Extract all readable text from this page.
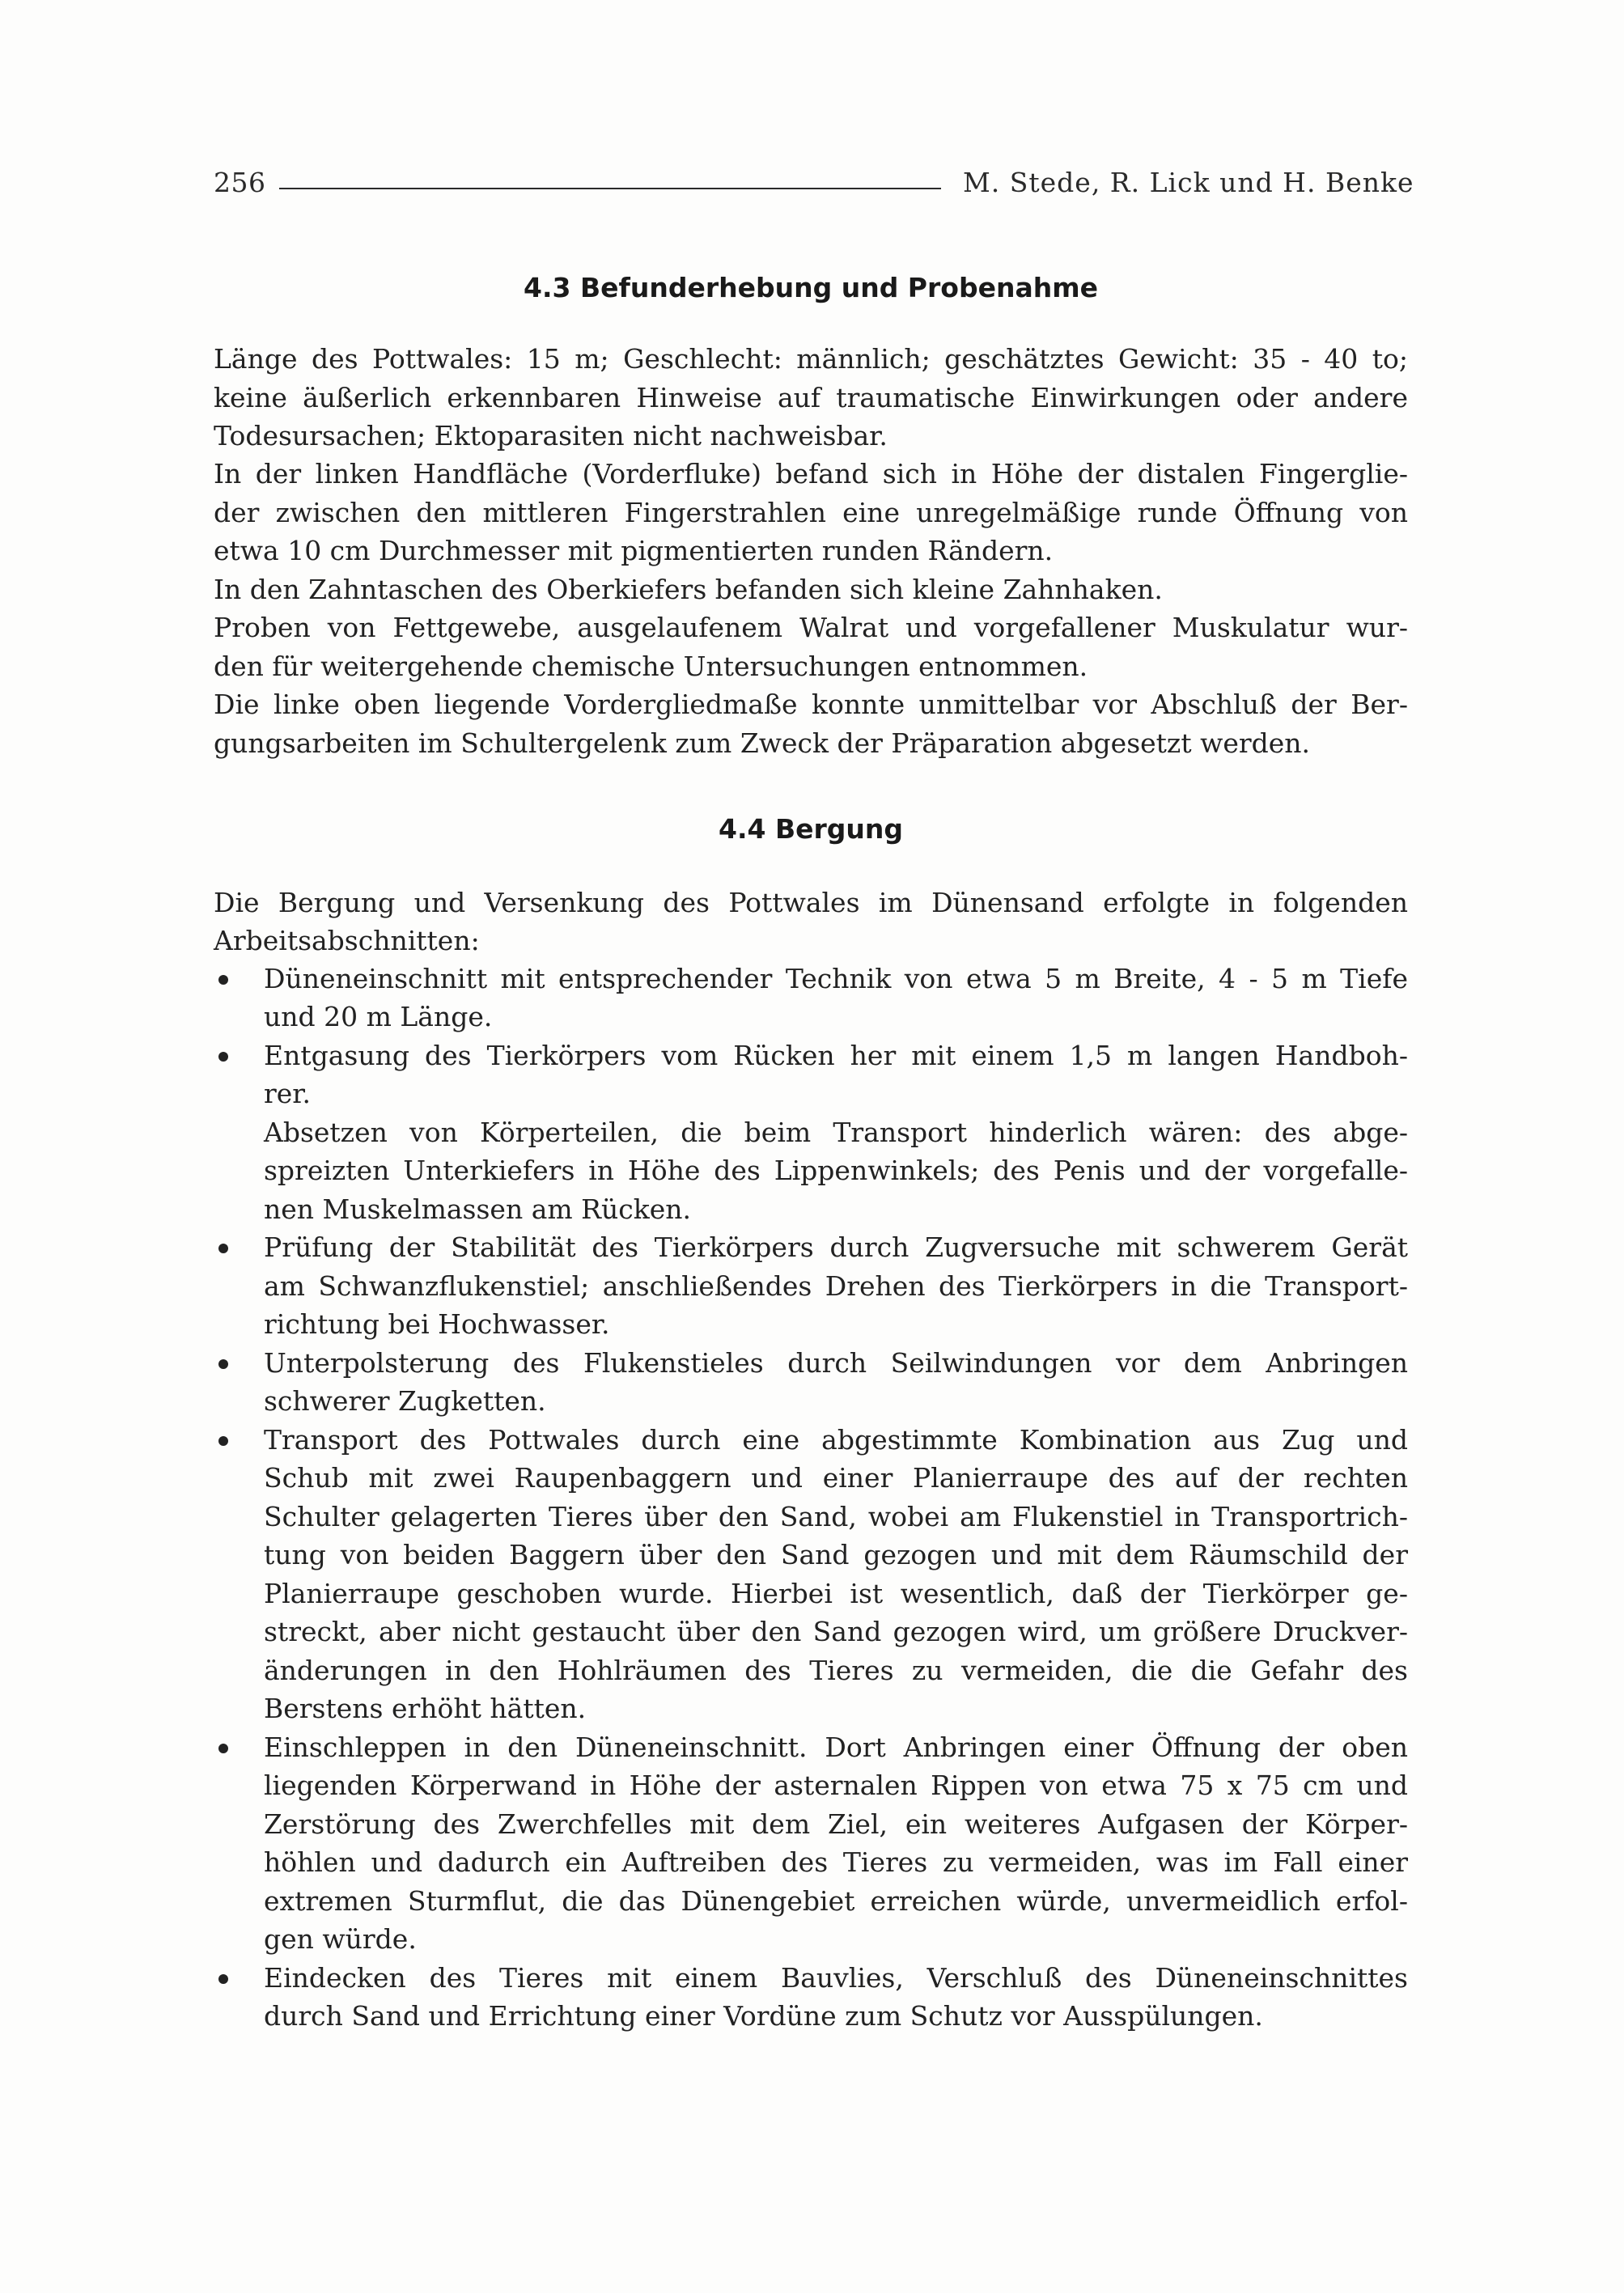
256	M. Stede, R. Lick und H. Benke
4.3 Befunderhebung und Probenahme
Länge des Pottwales: 15 m; Geschlecht: männlich; geschätztes Gewicht: 35 - 40 to;
keine äußerlich erkennbaren Hinweise auf traumatische Einwirkungen oder andere
Todesursachen; Ektoparasiten nicht nachweisbar.
In der linken Handfläche (Vorderfluke) befand sich in Höhe der distalen Fingerglie-
der zwischen den mittleren Fingerstrahlen eine unregelmäßige runde Öffnung von
etwa 10 cm Durchmesser mit pigmentierten runden Rändern.
In den Zahntaschen des Oberkiefers befanden sich kleine Zahnhaken.
Proben von Fettgewebe, ausgelaufenem Walrat und vorgefallener Muskulatur wur-
den für weitergehende chemische Untersuchungen entnommen.
Die linke oben liegende Vordergliedmaße konnte unmittelbar vor Abschluß der Ber-
gungsarbeiten im Schultergelenk zum Zweck der Präparation abgesetzt werden.
4.4 Bergung
Die Bergung und Versenkung des Pottwales im Dünensand erfolgte in folgenden
Arbeitsabschnitten:
Düneneinschnitt mit entsprechender Technik von etwa 5 m Breite, 4 - 5 m Tiefe
und 20 m Länge.
Entgasung des Tierkörpers vom Rücken her mit einem 1,5 m langen Handboh-
rer.
Absetzen von Körperteilen, die beim Transport hinderlich wären: des abge-
spreizten Unterkiefers in Höhe des Lippenwinkels; des Penis und der vorgefalle-
nen Muskelmassen am Rücken.
Prüfung der Stabilität des Tierkörpers durch Zugversuche mit schwerem Gerät
am Schwanzflukenstiel; anschließendes Drehen des Tierkörpers in die Transport-
richtung bei Hochwasser.
Unterpolsterung des Flukenstieles durch Seilwindungen vor dem Anbringen
schwerer Zugketten.
Transport des Pottwales durch eine abgestimmte Kombination aus Zug und
Schub mit zwei Raupenbaggern und einer Planierraupe des auf der rechten
Schulter gelagerten Tieres über den Sand, wobei am Flukenstiel in Transportrich-
tung von beiden Baggern über den Sand gezogen und mit dem Räumschild der
Planierraupe geschoben wurde. Hierbei ist wesentlich, daß der Tierkörper ge-
streckt, aber nicht gestaucht über den Sand gezogen wird, um größere Druckver-
änderungen in den Hohlräumen des Tieres zu vermeiden, die die Gefahr des
Berstens erhöht hätten.
Einschleppen in den Düneneinschnitt. Dort Anbringen einer Öffnung der oben
liegenden Körperwand in Höhe der asternalen Rippen von etwa 75 x 75 cm und
Zerstörung des Zwerchfelles mit dem Ziel, ein weiteres Aufgasen der Körper-
höhlen und dadurch ein Auftreiben des Tieres zu vermeiden, was im Fall einer
extremen Sturmflut, die das Dünengebiet erreichen würde, unvermeidlich erfol-
gen würde.
Eindecken des Tieres mit einem Bauvlies, Verschluß des Düneneinschnittes
durch Sand und Errichtung einer Vordüne zum Schutz vor Ausspülungen.
